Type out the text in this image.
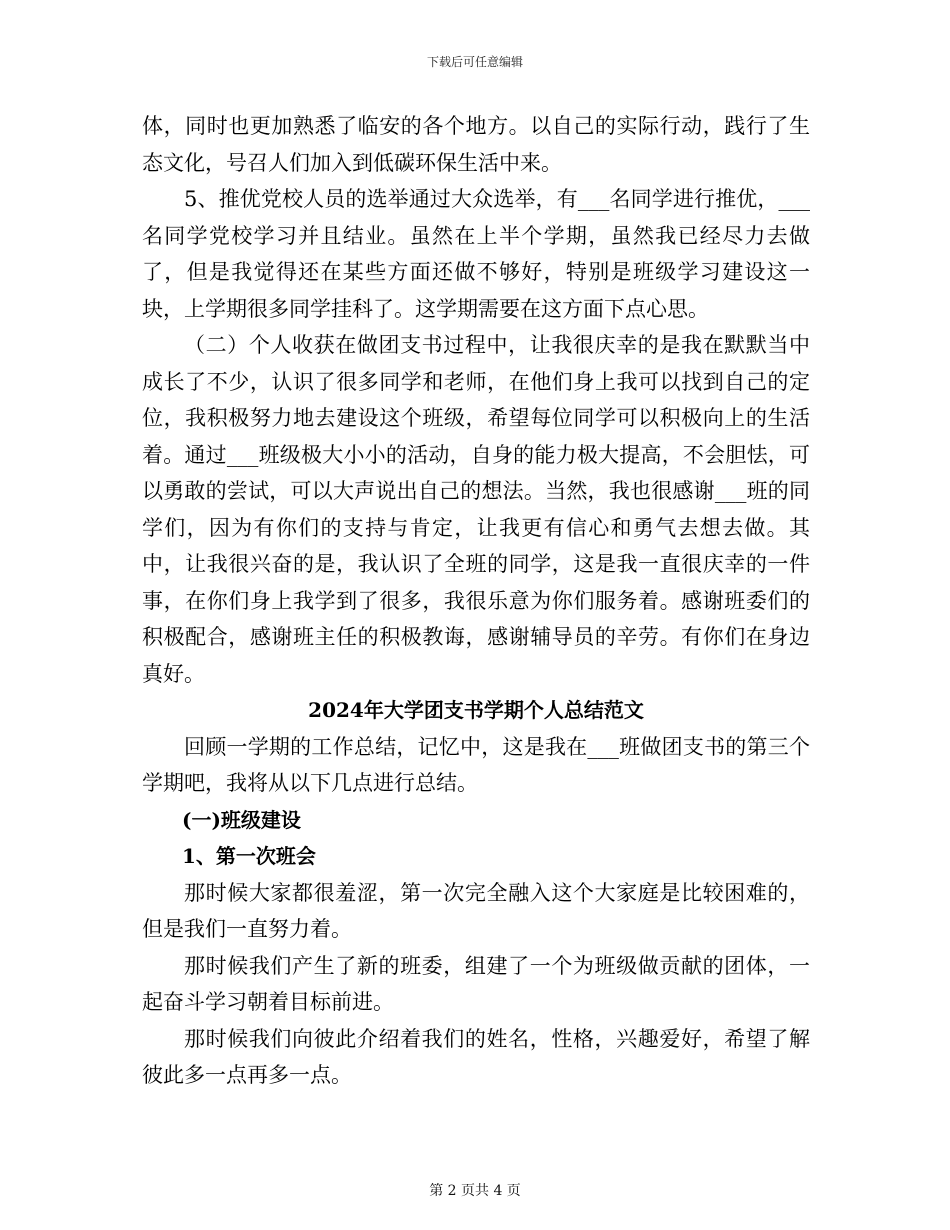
下载后可任意编辑

体，同时也更加熟悉了临安的各个地方。以自己的实际行动，践行了生态文化，号召人们加入到低碳环保生活中来。

5、推优党校人员的选举通过大众选举，有___名同学进行推优，___名同学党校学习并且结业。虽然在上半个学期，虽然我已经尽力去做了，但是我觉得还在某些方面还做不够好，特别是班级学习建设这一块，上学期很多同学挂科了。这学期需要在这方面下点心思。

（二）个人收获在做团支书过程中，让我很庆幸的是我在默默当中成长了不少，认识了很多同学和老师，在他们身上我可以找到自己的定位，我积极努力地去建设这个班级，希望每位同学可以积极向上的生活着。通过___班级极大小小的活动，自身的能力极大提高，不会胆怯，可以勇敢的尝试，可以大声说出自己的想法。当然，我也很感谢___班的同学们，因为有你们的支持与肯定，让我更有信心和勇气去想去做。其中，让我很兴奋的是，我认识了全班的同学，这是我一直很庆幸的一件事，在你们身上我学到了很多，我很乐意为你们服务着。感谢班委们的积极配合，感谢班主任的积极教诲，感谢辅导员的辛劳。有你们在身边真好。

2024年大学团支书学期个人总结范文

回顾一学期的工作总结，记忆中，这是我在___班做团支书的第三个学期吧，我将从以下几点进行总结。

(一)班级建设
1、第一次班会

那时候大家都很羞涩，第一次完全融入这个大家庭是比较困难的，但是我们一直努力着。

那时候我们产生了新的班委，组建了一个为班级做贡献的团体，一起奋斗学习朝着目标前进。

那时候我们向彼此介绍着我们的姓名，性格，兴趣爱好，希望了解彼此多一点再多一点。

第 2 页共 4 页
